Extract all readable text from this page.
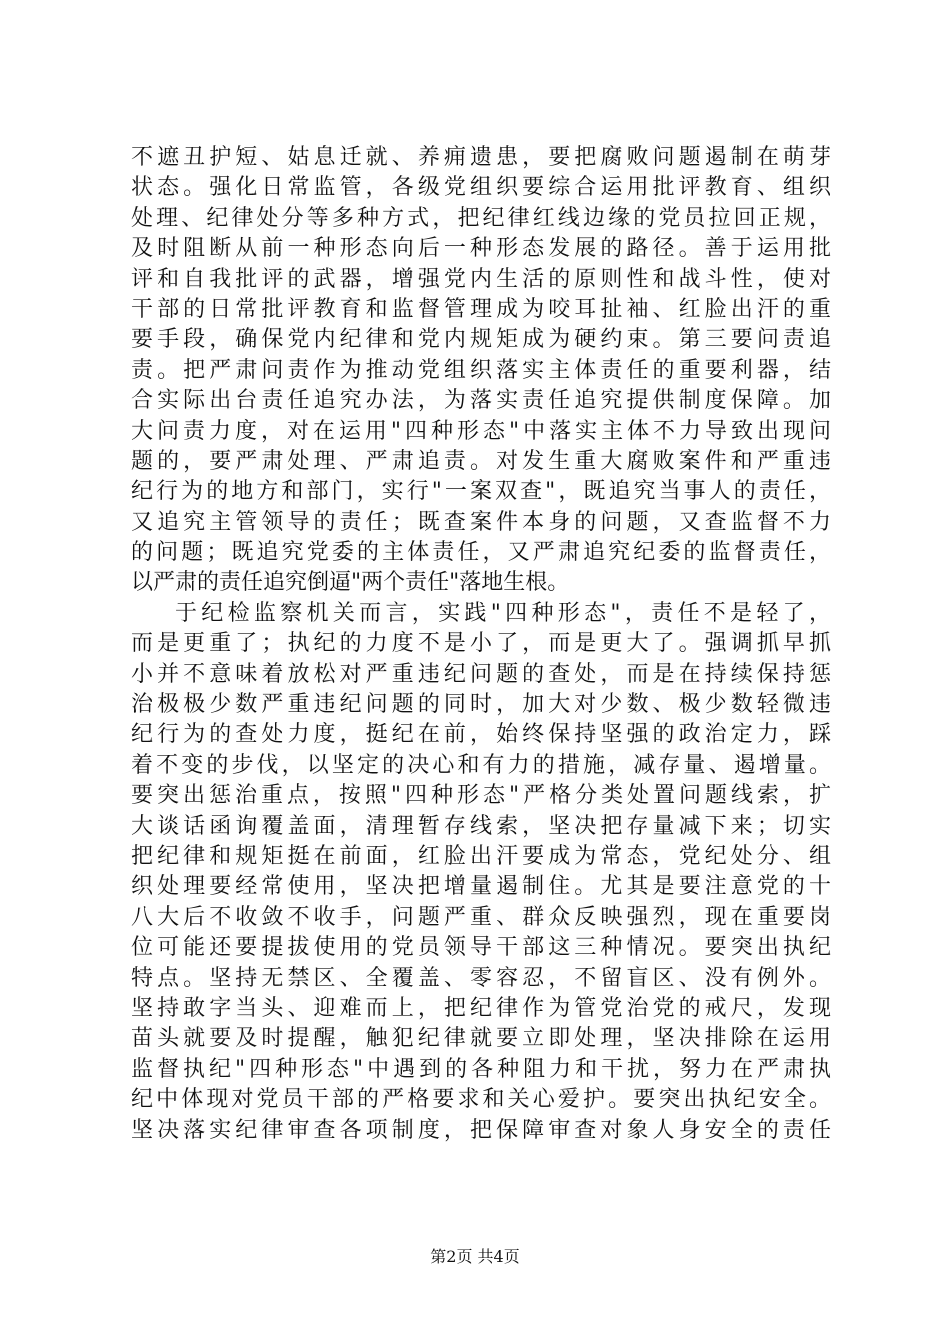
不遮丑护短、姑息迁就、养痈遗患，要把腐败问题遏制在萌芽
状态。强化日常监管，各级党组织要综合运用批评教育、组织
处理、纪律处分等多种方式，把纪律红线边缘的党员拉回正规，
及时阻断从前一种形态向后一种形态发展的路径。善于运用批
评和自我批评的武器，增强党内生活的原则性和战斗性，使对
干部的日常批评教育和监督管理成为咬耳扯袖、红脸出汗的重
要手段，确保党内纪律和党内规矩成为硬约束。第三要问责追
责。把严肃问责作为推动党组织落实主体责任的重要利器，结
合实际出台责任追究办法，为落实责任追究提供制度保障。加
大问责力度，对在运用"四种形态"中落实主体不力导致出现问
题的，要严肃处理、严肃追责。对发生重大腐败案件和严重违
纪行为的地方和部门，实行"一案双查"，既追究当事人的责任，
又追究主管领导的责任；既查案件本身的问题，又查监督不力
的问题；既追究党委的主体责任，又严肃追究纪委的监督责任，
以严肃的责任追究倒逼"两个责任"落地生根。
于纪检监察机关而言，实践"四种形态"，责任不是轻了，
而是更重了；执纪的力度不是小了，而是更大了。强调抓早抓
小并不意味着放松对严重违纪问题的查处，而是在持续保持惩
治极极少数严重违纪问题的同时，加大对少数、极少数轻微违
纪行为的查处力度，挺纪在前，始终保持坚强的政治定力，踩
着不变的步伐，以坚定的决心和有力的措施，减存量、遏增量。
要突出惩治重点，按照"四种形态"严格分类处置问题线索，扩
大谈话函询覆盖面，清理暂存线索，坚决把存量减下来；切实
把纪律和规矩挺在前面，红脸出汗要成为常态，党纪处分、组
织处理要经常使用，坚决把增量遏制住。尤其是要注意党的十
八大后不收敛不收手，问题严重、群众反映强烈，现在重要岗
位可能还要提拔使用的党员领导干部这三种情况。要突出执纪
特点。坚持无禁区、全覆盖、零容忍，不留盲区、没有例外。
坚持敢字当头、迎难而上，把纪律作为管党治党的戒尺，发现
苗头就要及时提醒，触犯纪律就要立即处理，坚决排除在运用
监督执纪"四种形态"中遇到的各种阻力和干扰，努力在严肃执
纪中体现对党员干部的严格要求和关心爱护。要突出执纪安全。
坚决落实纪律审查各项制度，把保障审查对象人身安全的责任
第2页 共4页
